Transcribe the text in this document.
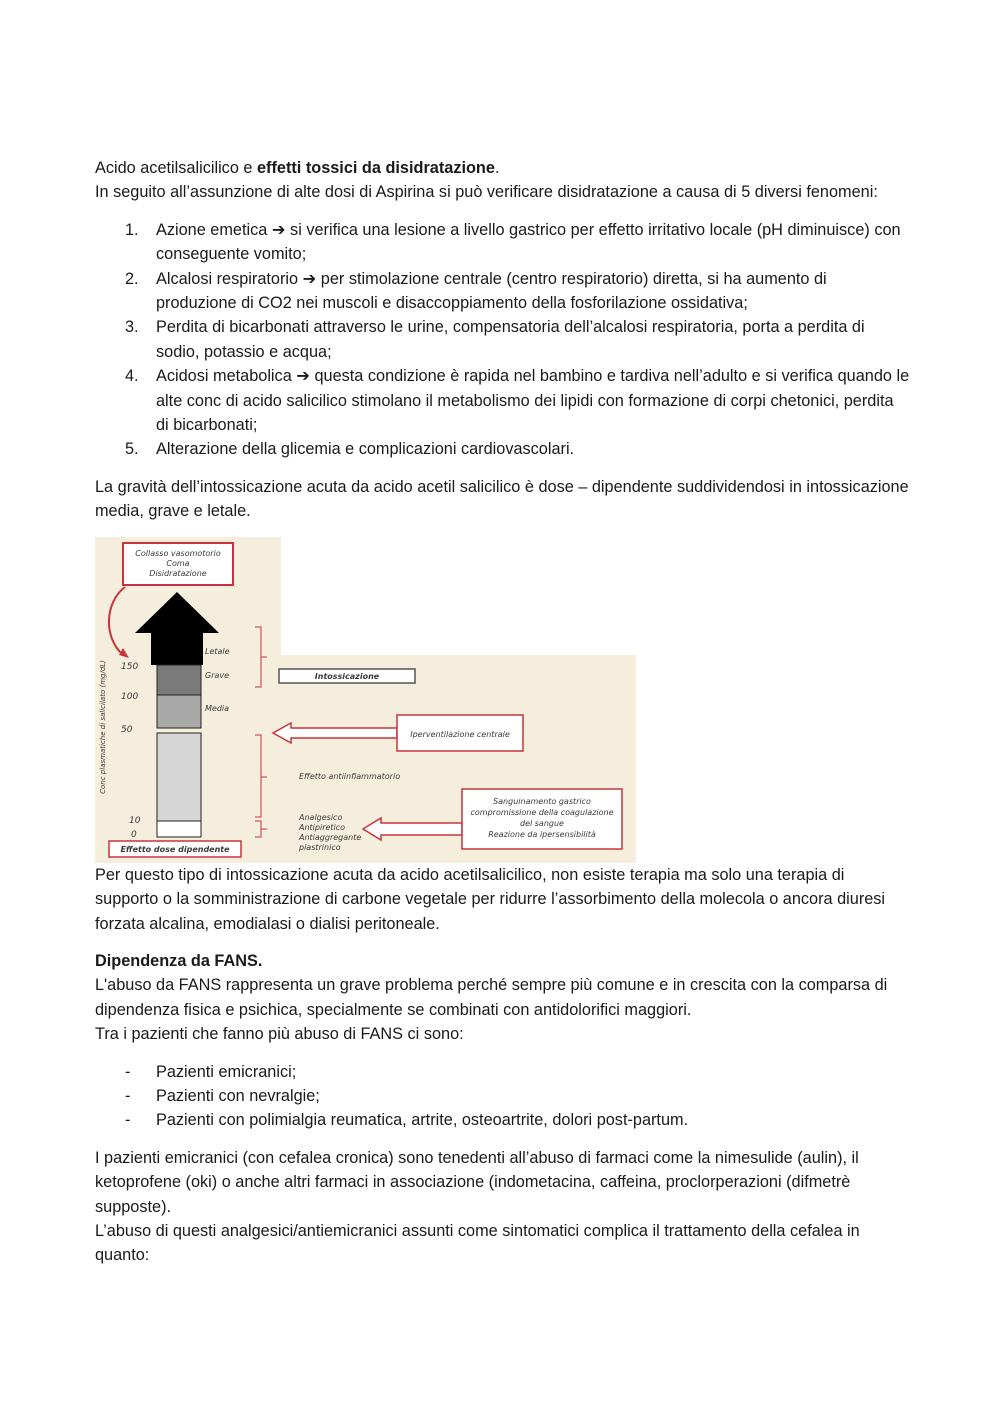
Acido acetilsalicilico e effetti tossici da disidratazione.

In seguito all’assunzione di alte dosi di Aspirina si può verificare disidratazione a causa di 5 diversi fenomeni:

1. Azione emetica ➔ si verifica una lesione a livello gastrico per effetto irritativo locale (pH diminuisce) con conseguente vomito;
2. Alcalosi respiratorio ➔ per stimolazione centrale (centro respiratorio) diretta, si ha aumento di produzione di CO2 nei muscoli e disaccoppiamento della fosforilazione ossidativa;
3. Perdita di bicarbonati attraverso le urine, compensatoria dell’alcalosi respiratoria, porta a perdita di sodio, potassio e acqua;
4. Acidosi metabolica ➔ questa condizione è rapida nel bambino e tardiva nell’adulto e si verifica quando le alte conc di acido salicilico stimolano il metabolismo dei lipidi con formazione di corpi chetonici, perdita di bicarbonati;
5. Alterazione della glicemia e complicazioni cardiovascolari.

La gravità dell’intossicazione acuta da acido acetil salicilico è dose – dipendente suddividendosi in intossicazione media, grave e letale.

Collasso vasomotorio
Coma
Disidratazione
Letale
Grave
Media
150
100
50
10
0
Conc plasmatiche di salicilato (mg/dL)	Intossicazione
Iperventilazione centrale
Effetto antiinfiammatorio
Analgesico
Antipiretico
Antiaggregante
piastrinico
Sanguinamento gastrico
compromissione della coagulazione
del sangue
Reazione da ipersensibilità
Effetto dose dipendente

Per questo tipo di intossicazione acuta da acido acetilsalicilico, non esiste terapia ma solo una terapia di supporto o la somministrazione di carbone vegetale per ridurre l’assorbimento della molecola o ancora diuresi forzata alcalina, emodialasi o dialisi peritoneale.

Dipendenza da FANS.

L'abuso da FANS rappresenta un grave problema perché sempre più comune e in crescita con la comparsa di dipendenza fisica e psichica, specialmente se combinati con antidolorifici maggiori.

Tra i pazienti che fanno più abuso di FANS ci sono:

- Pazienti emicranici;
- Pazienti con nevralgie;
- Pazienti con polimialgia reumatica, artrite, osteoartrite, dolori post-partum.

I pazienti emicranici (con cefalea cronica) sono tenedenti all’abuso di farmaci come la nimesulide (aulin), il ketoprofene (oki) o anche altri farmaci in associazione (indometacina, caffeina, proclorperazioni (difmetrè supposte).

L’abuso di questi analgesici/antiemicranici assunti come sintomatici complica il trattamento della cefalea in quanto:
